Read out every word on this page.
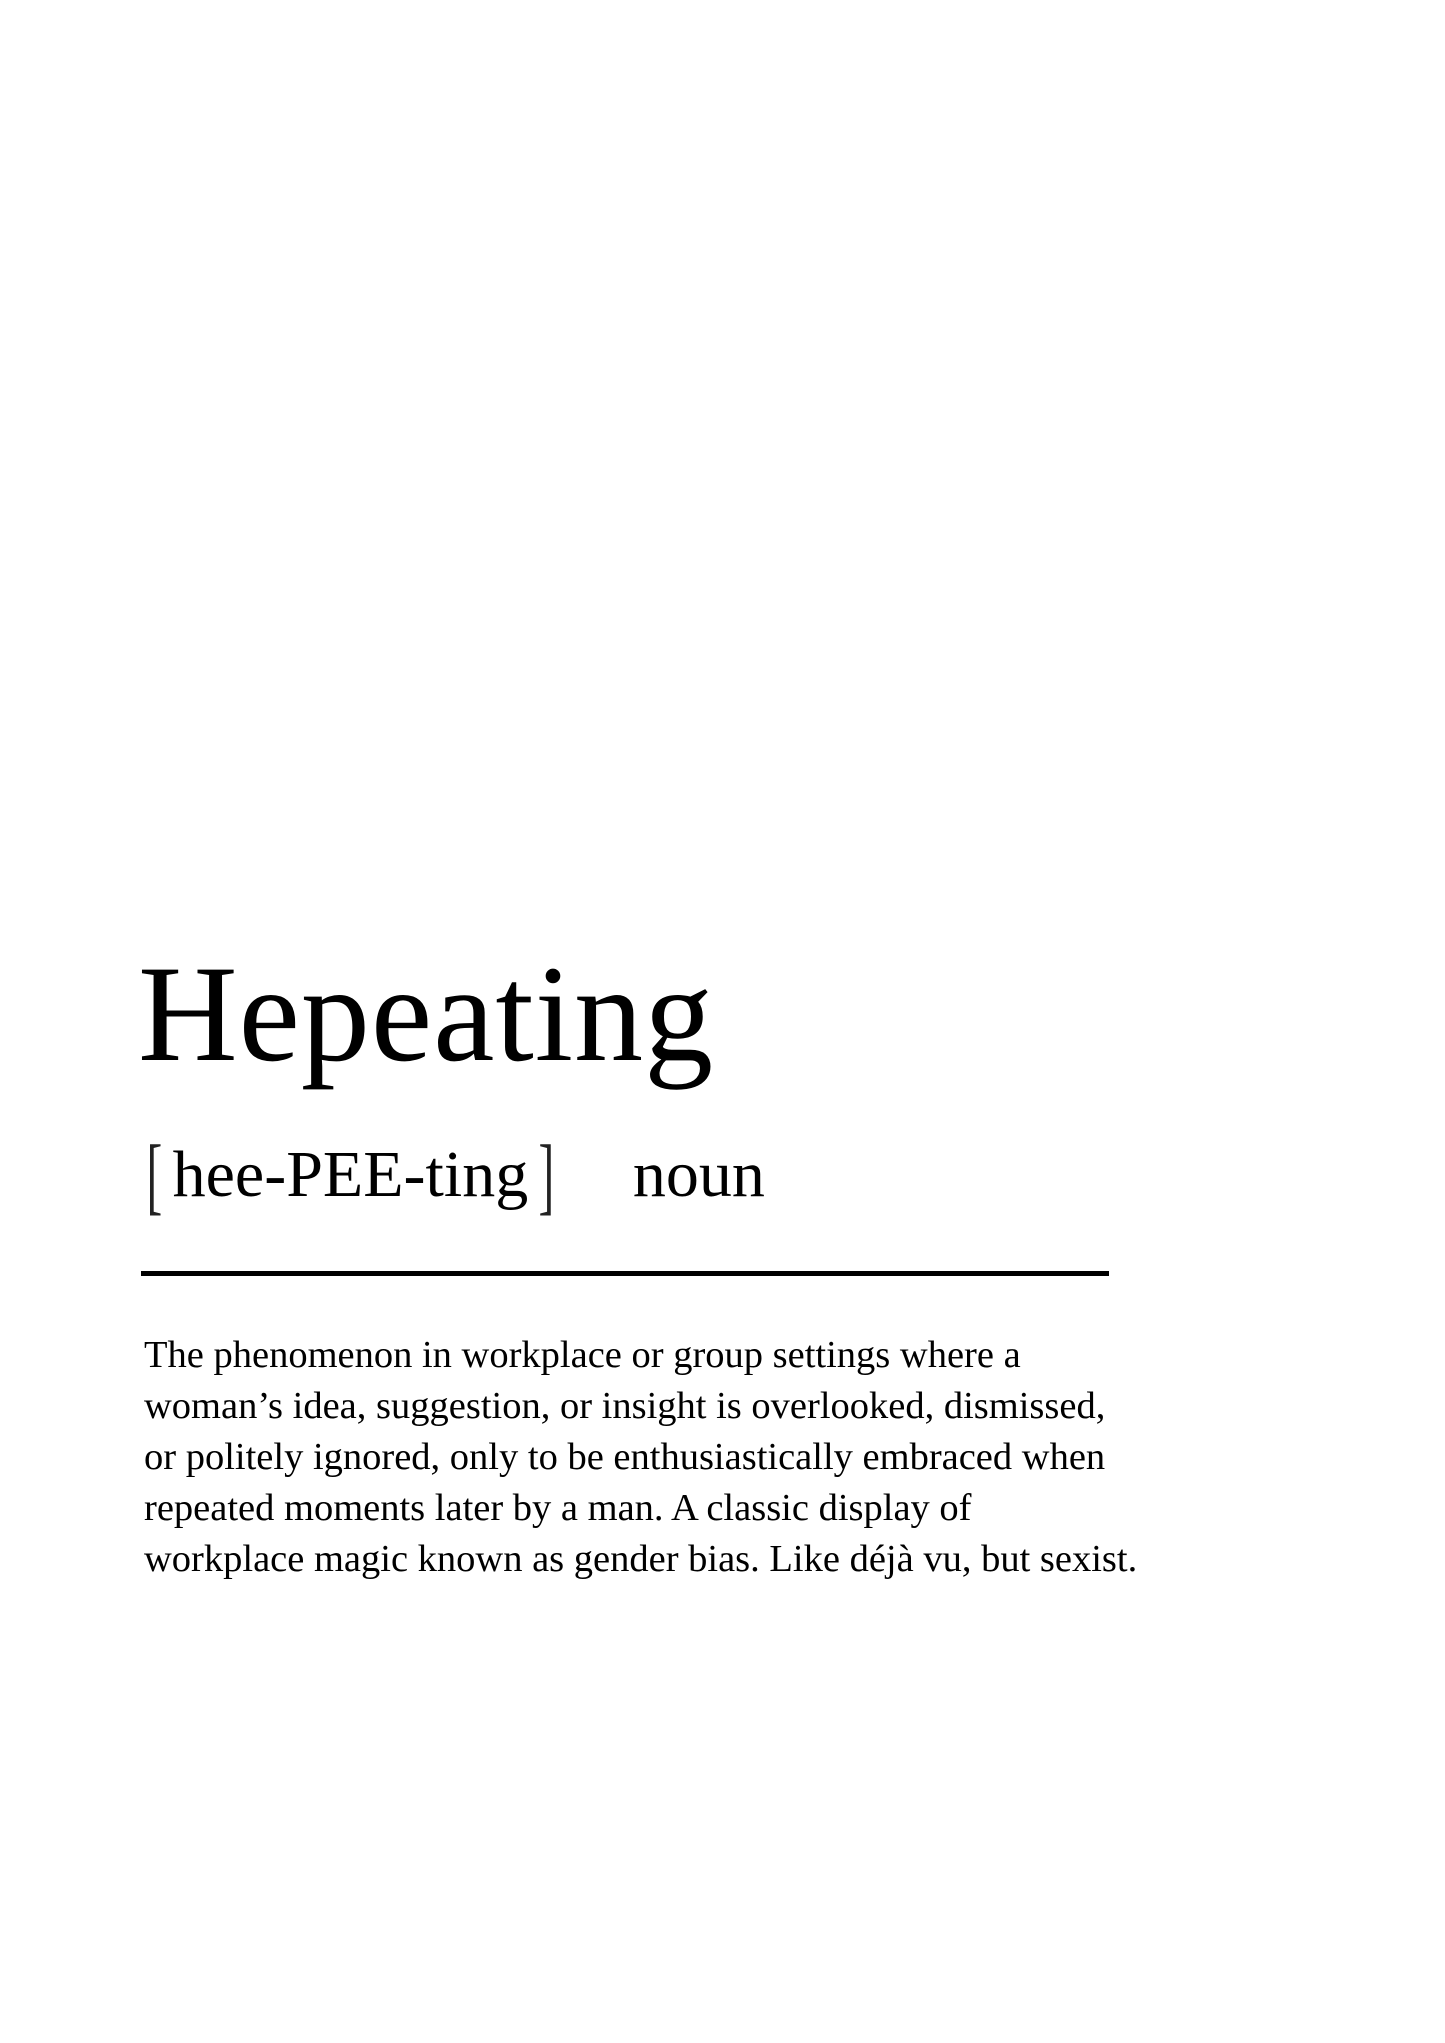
Hepeating
[ hee-PEE-ting ] noun

The phenomenon in workplace or group settings where a
woman’s idea, suggestion, or insight is overlooked, dismissed,
or politely ignored, only to be enthusiastically embraced when
repeated moments later by a man. A classic display of
workplace magic known as gender bias. Like déjà vu, but sexist.
